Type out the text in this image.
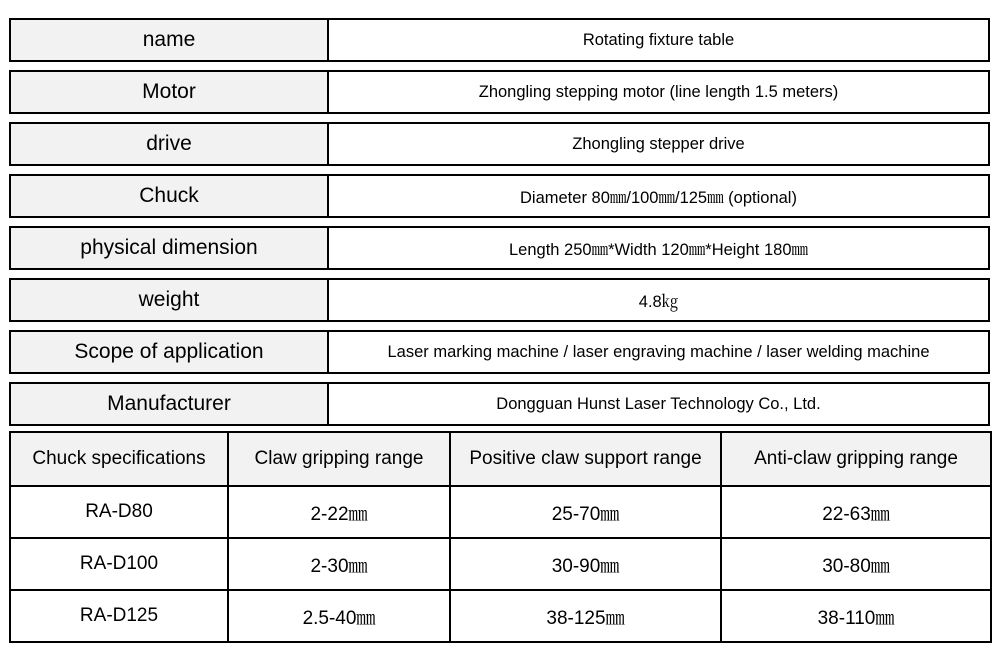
name	Rotating fixture table
Motor	Zhongling stepping motor (line length 1.5 meters)
drive	Zhongling stepper drive
Chuck	Diameter 80㎜/100㎜/125㎜ (optional)
physical dimension	Length 250㎜*Width 120㎜*Height 180㎜
weight	4.8㎏
Scope of application	Laser marking machine / laser engraving machine / laser welding machine
Manufacturer	Dongguan Hunst Laser Technology Co., Ltd.
Chuck specifications	Claw gripping range	Positive claw support range	Anti-claw gripping range
RA-D80	2-22㎜	25-70㎜	22-63㎜
RA-D100	2-30㎜	30-90㎜	30-80㎜
RA-D125	2.5-40㎜	38-125㎜	38-110㎜
